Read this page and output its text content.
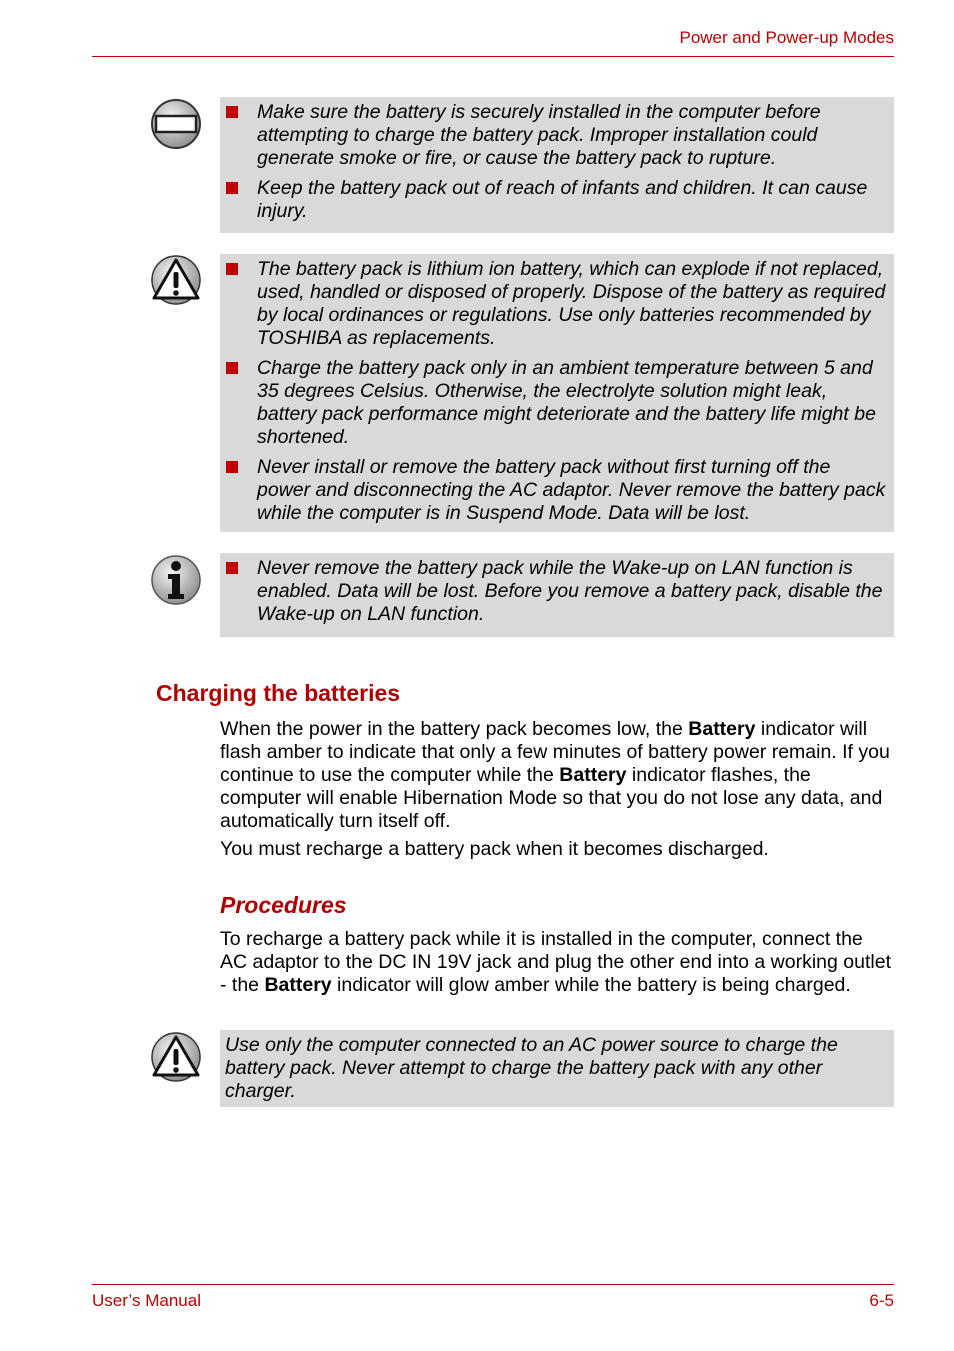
Power and Power-up Modes
Make sure the battery is securely installed in the computer before attempting to charge the battery pack. Improper installation could generate smoke or fire, or cause the battery pack to rupture.
Keep the battery pack out of reach of infants and children. It can cause injury.
The battery pack is lithium ion battery, which can explode if not replaced, used, handled or disposed of properly. Dispose of the battery as required by local ordinances or regulations. Use only batteries recommended by TOSHIBA as replacements.
Charge the battery pack only in an ambient temperature between 5 and 35 degrees Celsius. Otherwise, the electrolyte solution might leak, battery pack performance might deteriorate and the battery life might be shortened.
Never install or remove the battery pack without first turning off the power and disconnecting the AC adaptor. Never remove the battery pack while the computer is in Suspend Mode. Data will be lost.
Never remove the battery pack while the Wake-up on LAN function is enabled. Data will be lost. Before you remove a battery pack, disable the Wake-up on LAN function.
Charging the batteries

When the power in the battery pack becomes low, the Battery indicator will flash amber to indicate that only a few minutes of battery power remain. If you continue to use the computer while the Battery indicator flashes, the computer will enable Hibernation Mode so that you do not lose any data, and automatically turn itself off.

You must recharge a battery pack when it becomes discharged.

Procedures

To recharge a battery pack while it is installed in the computer, connect the AC adaptor to the DC IN 19V jack and plug the other end into a working outlet - the Battery indicator will glow amber while the battery is being charged.

Use only the computer connected to an AC power source to charge the battery pack. Never attempt to charge the battery pack with any other charger.
User’s Manual	6-5
